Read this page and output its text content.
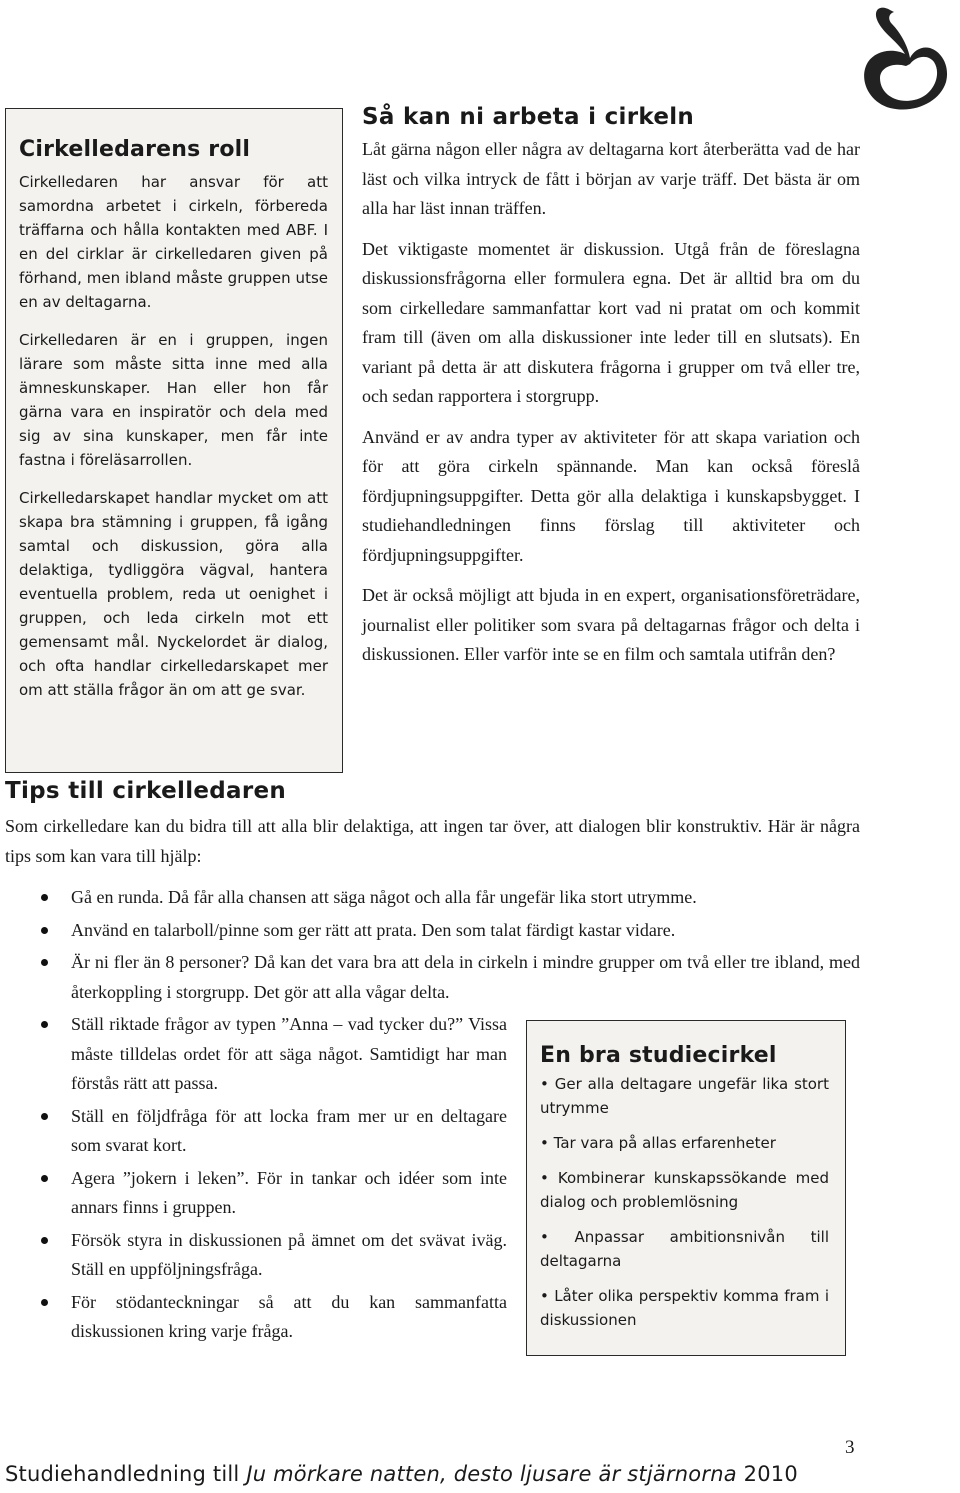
Cirkelledarens roll

Cirkelledaren har ansvar för att samordna arbetet i cirkeln, förbereda träffarna och hålla kontakten med ABF. I en del cirklar är cirkelledaren given på förhand, men ibland måste gruppen utse en av deltagarna.

Cirkelledaren är en i gruppen, ingen lärare som måste sitta inne med alla ämneskunskaper. Han eller hon får gärna vara en inspiratör och dela med sig av sina kunskaper, men får inte fastna i föreläsarrollen.

Cirkelledarskapet handlar mycket om att skapa bra stämning i gruppen, få igång samtal och diskussion, göra alla delaktiga, tydliggöra vägval, hantera eventuella problem, reda ut oenighet i gruppen, och leda cirkeln mot ett gemensamt mål. Nyckelordet är dialog, och ofta handlar cirkelledarskapet mer om att ställa frågor än om att ge svar.

Så kan ni arbeta i cirkeln

Låt gärna någon eller några av deltagarna kort återberätta vad de har läst och vilka intryck de fått i början av varje träff. Det bästa är om alla har läst innan träffen.

Det viktigaste momentet är diskussion. Utgå från de föreslagna diskussionsfrågorna eller formulera egna. Det är alltid bra om du som cirkelledare sammanfattar kort vad ni pratat om och kommit fram till (även om alla diskussioner inte leder till en slutsats). En variant på detta är att diskutera frågorna i grupper om två eller tre, och sedan rapportera i storgrupp.

Använd er av andra typer av aktiviteter för att skapa variation och för att göra cirkeln spännande. Man kan också föreslå fördjupningsuppgifter. Detta gör alla delaktiga i kunskapsbygget. I studiehandledningen finns förslag till aktiviteter och fördjupningsuppgifter.

Det är också möjligt att bjuda in en expert, organisationsföreträdare, journalist eller politiker som svara på deltagarnas frågor och delta i diskussionen. Eller varför inte se en film och samtala utifrån den?

Tips till cirkelledaren

Som cirkelledare kan du bidra till att alla blir delaktiga, att ingen tar över, att dialogen blir konstruktiv. Här är några tips som kan vara till hjälp:

Gå en runda. Då får alla chansen att säga något och alla får ungefär lika stort utrymme.
Använd en talarboll/pinne som ger rätt att prata. Den som talat färdigt kastar vidare.
Är ni fler än 8 personer? Då kan det vara bra att dela in cirkeln i mindre grupper om två eller tre ibland, med återkoppling i storgrupp. Det gör att alla vågar delta.
Ställ riktade frågor av typen ”Anna – vad tycker du?” Vissa måste tilldelas ordet för att säga något. Samtidigt har man förstås rätt att passa.
Ställ en följdfråga för att locka fram mer ur en deltagare som svarat kort.
Agera ”jokern i leken”. För in tankar och idéer som inte annars finns i gruppen.
Försök styra in diskussionen på ämnet om det svävat iväg. Ställ en uppföljningsfråga.
För stödanteckningar så att du kan sammanfatta diskussionen kring varje fråga.
En bra studiecirkel
• Ger alla deltagare ungefär lika stort utrymme
• Tar vara på allas erfarenheter
• Kombinerar kunskapssökande med dialog och problemlösning
• Anpassar ambitionsnivån till deltagarna
• Låter olika perspektiv komma fram i diskussionen
3
Studiehandledning till Ju mörkare natten, desto ljusare är stjärnorna 2010
